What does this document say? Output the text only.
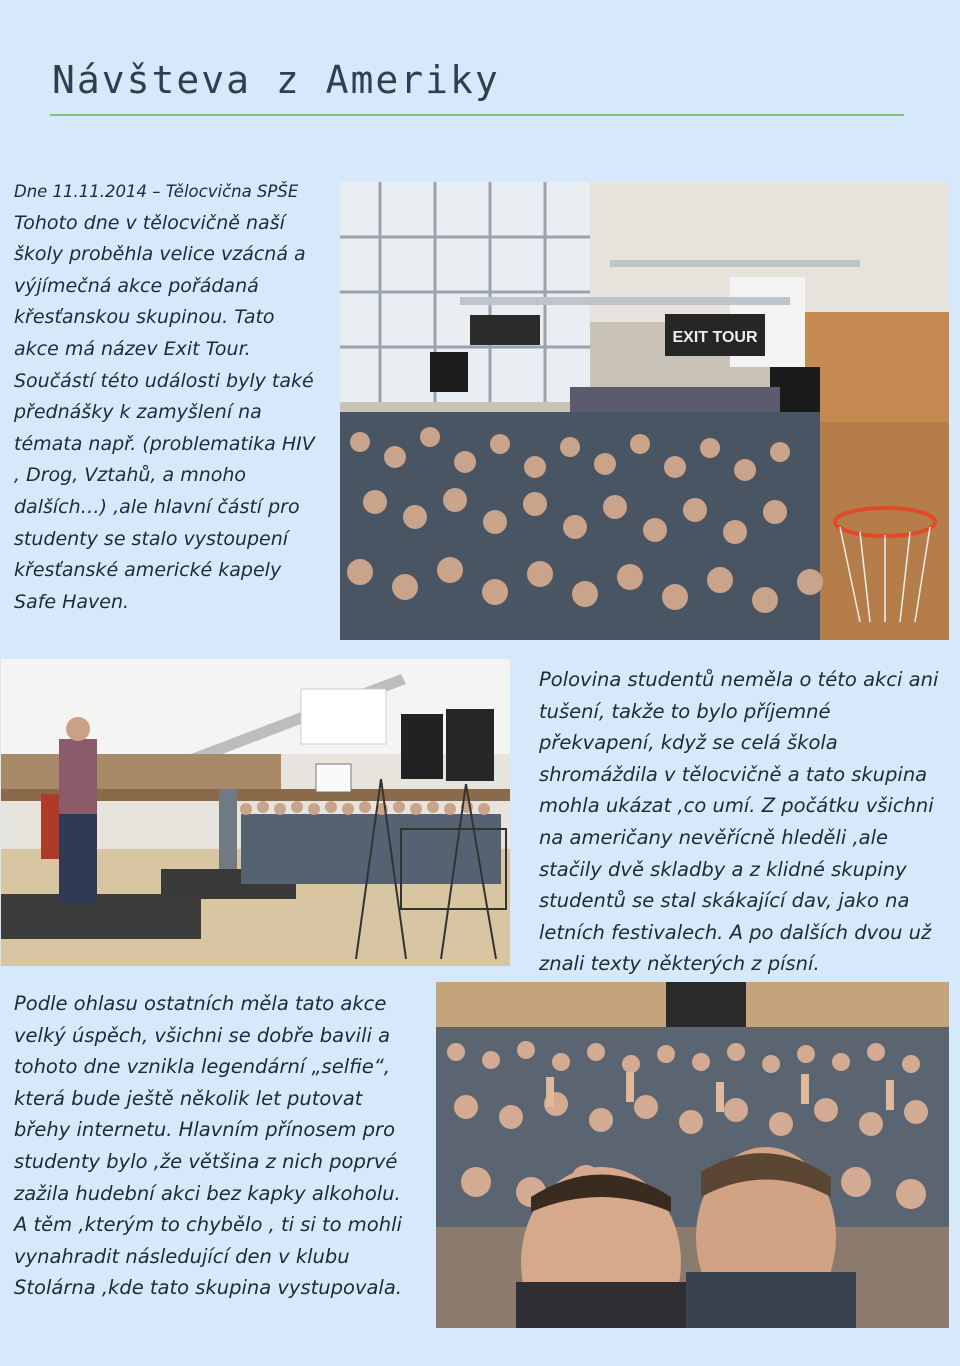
Návšteva z Ameriky
Dne 11.11.2014 – Tělocvična SPŠE
Tohoto dne v tělocvičně naší školy proběhla velice vzácná a výjímečná akce pořádaná křesťanskou skupinou. Tato akce má název Exit Tour. Součástí této události byly také přednášky k zamyšlení na témata např. (problematika HIV , Drog, Vztahů, a mnoho dalších…) ,ale hlavní částí pro studenty se stalo vystoupení křesťanské americké kapely Safe Haven.
EXIT TOUR
Polovina studentů neměla o této akci ani tušení, takže to bylo příjemné překvapení, když se celá škola shromáždila v tělocvičně a tato skupina mohla ukázat ,co umí. Z počátku všichni na američany nevěřícně hleděli ,ale stačily dvě skladby a z klidné skupiny studentů se stal skákající dav, jako na letních festivalech. A po dalších dvou už znali texty některých z písní.
Podle ohlasu ostatních měla tato akce velký úspěch, všichni se dobře bavili a tohoto dne vznikla legendární „selfie“, která bude ještě několik let putovat břehy internetu. Hlavním přínosem pro studenty bylo ,že většina z nich poprvé zažila hudební akci bez kapky alkoholu. A těm ,kterým to chybělo , ti si to mohli vynahradit následující den v klubu Stolárna ,kde tato skupina vystupovala.
